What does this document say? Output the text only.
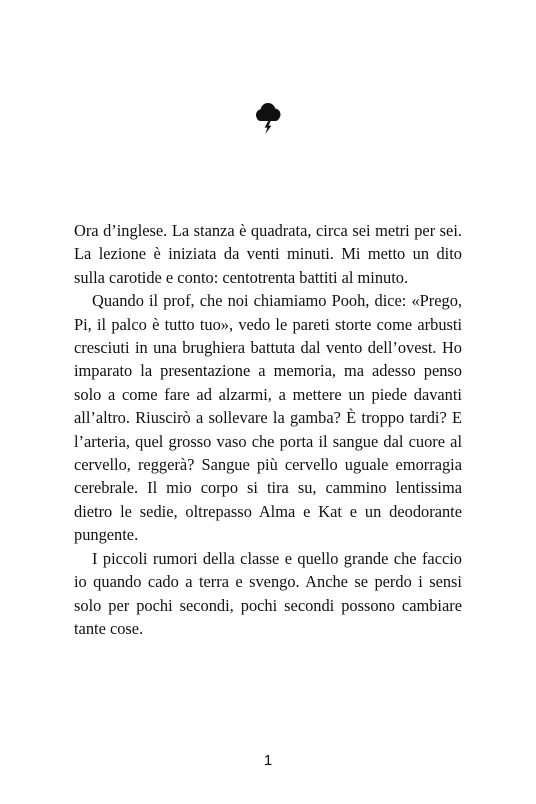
Ora d’inglese. La stanza è quadrata, circa sei metri per sei. La lezione è iniziata da venti minuti. Mi metto un dito sulla carotide e conto: centotrenta battiti al minuto.

Quando il prof, che noi chiamiamo Pooh, dice: «Prego, Pi, il palco è tutto tuo», vedo le pareti storte come arbusti cresciuti in una brughiera battuta dal vento dell’ovest. Ho imparato la presentazione a memoria, ma adesso penso solo a come fare ad alzarmi, a mettere un piede davanti all’altro. Riuscirò a sollevare la gamba? È troppo tardi? E l’arteria, quel grosso vaso che porta il sangue dal cuore al cervello, reggerà? Sangue più cervello uguale emorragia cerebrale. Il mio corpo si tira su, cammino lentissima dietro le sedie, oltrepasso Alma e Kat e un deodorante pungente.

I piccoli rumori della classe e quello grande che faccio io quando cado a terra e svengo. Anche se perdo i sensi solo per pochi secondi, pochi secondi possono cambiare tante cose.

1
